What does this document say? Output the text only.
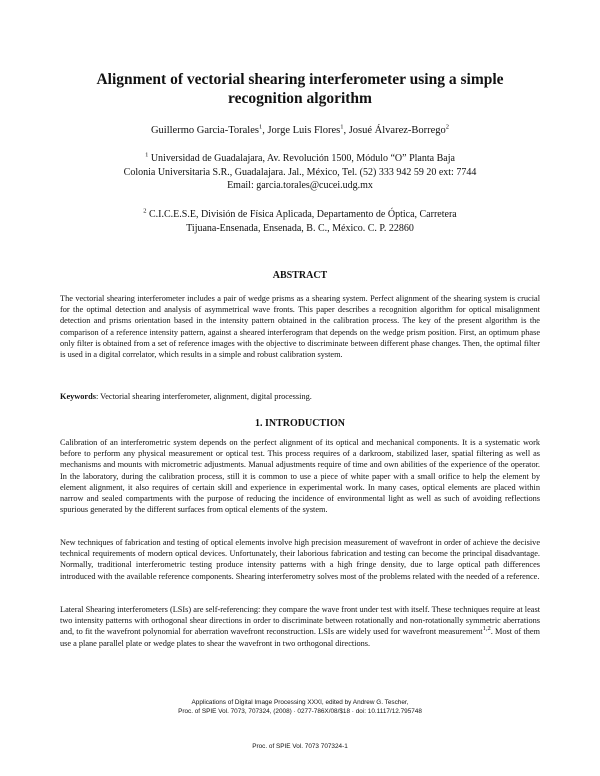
Alignment of vectorial shearing interferometer using a simple
recognition algorithm
Guillermo Garcia-Torales$^1$, Jorge Luis Flores$^1$, Josué Álvarez-Borrego$^2$
$^1$ Universidad de Guadalajara, Av. Revolución 1500, Módulo “O” Planta Baja
Colonia Universitaria S.R., Guadalajara. Jal., México, Tel. (52) 333 942 59 20 ext: 7744
Email: garcia.torales@cucei.udg.mx
$^2$ C.I.C.E.S.E, División de Física Aplicada, Departamento de Óptica, Carretera
Tijuana-Ensenada, Ensenada, B. C., México. C. P. 22860
ABSTRACT

The vectorial shearing interferometer includes a pair of wedge prisms as a shearing system. Perfect alignment of the shearing system is crucial for the optimal detection and analysis of asymmetrical wave fronts. This paper describes a recognition algorithm for optical misalignment detection and prisms orientation based in the intensity pattern obtained in the calibration process. The key of the present algorithm is the comparison of a reference intensity pattern, against a sheared interferogram that depends on the wedge prism position. First, an optimum phase only filter is obtained from a set of reference images with the objective to discriminate between different phase changes. Then, the optimal filter is used in a digital correlator, which results in a simple and robust calibration system.

Keywords: Vectorial shearing interferometer, alignment, digital processing.

1. INTRODUCTION

Calibration of an interferometric system depends on the perfect alignment of its optical and mechanical components. It is a systematic work before to perform any physical measurement or optical test. This process requires of a darkroom, stabilized laser, spatial filtering as well as mechanisms and mounts with micrometric adjustments. Manual adjustments require of time and own abilities of the experience of the operator. In the laboratory, during the calibration process, still it is common to use a piece of white paper with a small orifice to help the element by element alignment, it also requires of certain skill and experience in experimental work. In many cases, optical elements are placed within narrow and sealed compartments with the purpose of reducing the incidence of environmental light as well as such of avoiding reflections spurious generated by the different surfaces from optical elements of the system.

New techniques of fabrication and testing of optical elements involve high precision measurement of wavefront in order of achieve the decisive technical requirements of modern optical devices. Unfortunately, their laborious fabrication and testing can become the principal disadvantage. Normally, traditional interferometric testing produce intensity patterns with a high fringe density, due to large optical path differences introduced with the available reference components. Shearing interferometry solves most of the problems related with the needed of a reference.

Lateral Shearing interferometers (LSIs) are self-referencing: they compare the wave front under test with itself. These techniques require at least two intensity patterns with orthogonal shear directions in order to discriminate between rotationally and non-rotationally symmetric aberrations and, to fit the wavefront polynomial for aberration wavefront reconstruction. LSIs are widely used for wavefront measurement$^{1,2}$. Most of them use a plane parallel plate or wedge plates to shear the wavefront in two orthogonal directions.

Applications of Digital Image Processing XXXI, edited by Andrew G. Tescher,
Proc. of SPIE Vol. 7073, 707324, (2008) · 0277-786X/08/$18 · doi: 10.1117/12.795748
Proc. of SPIE Vol. 7073 707324-1
